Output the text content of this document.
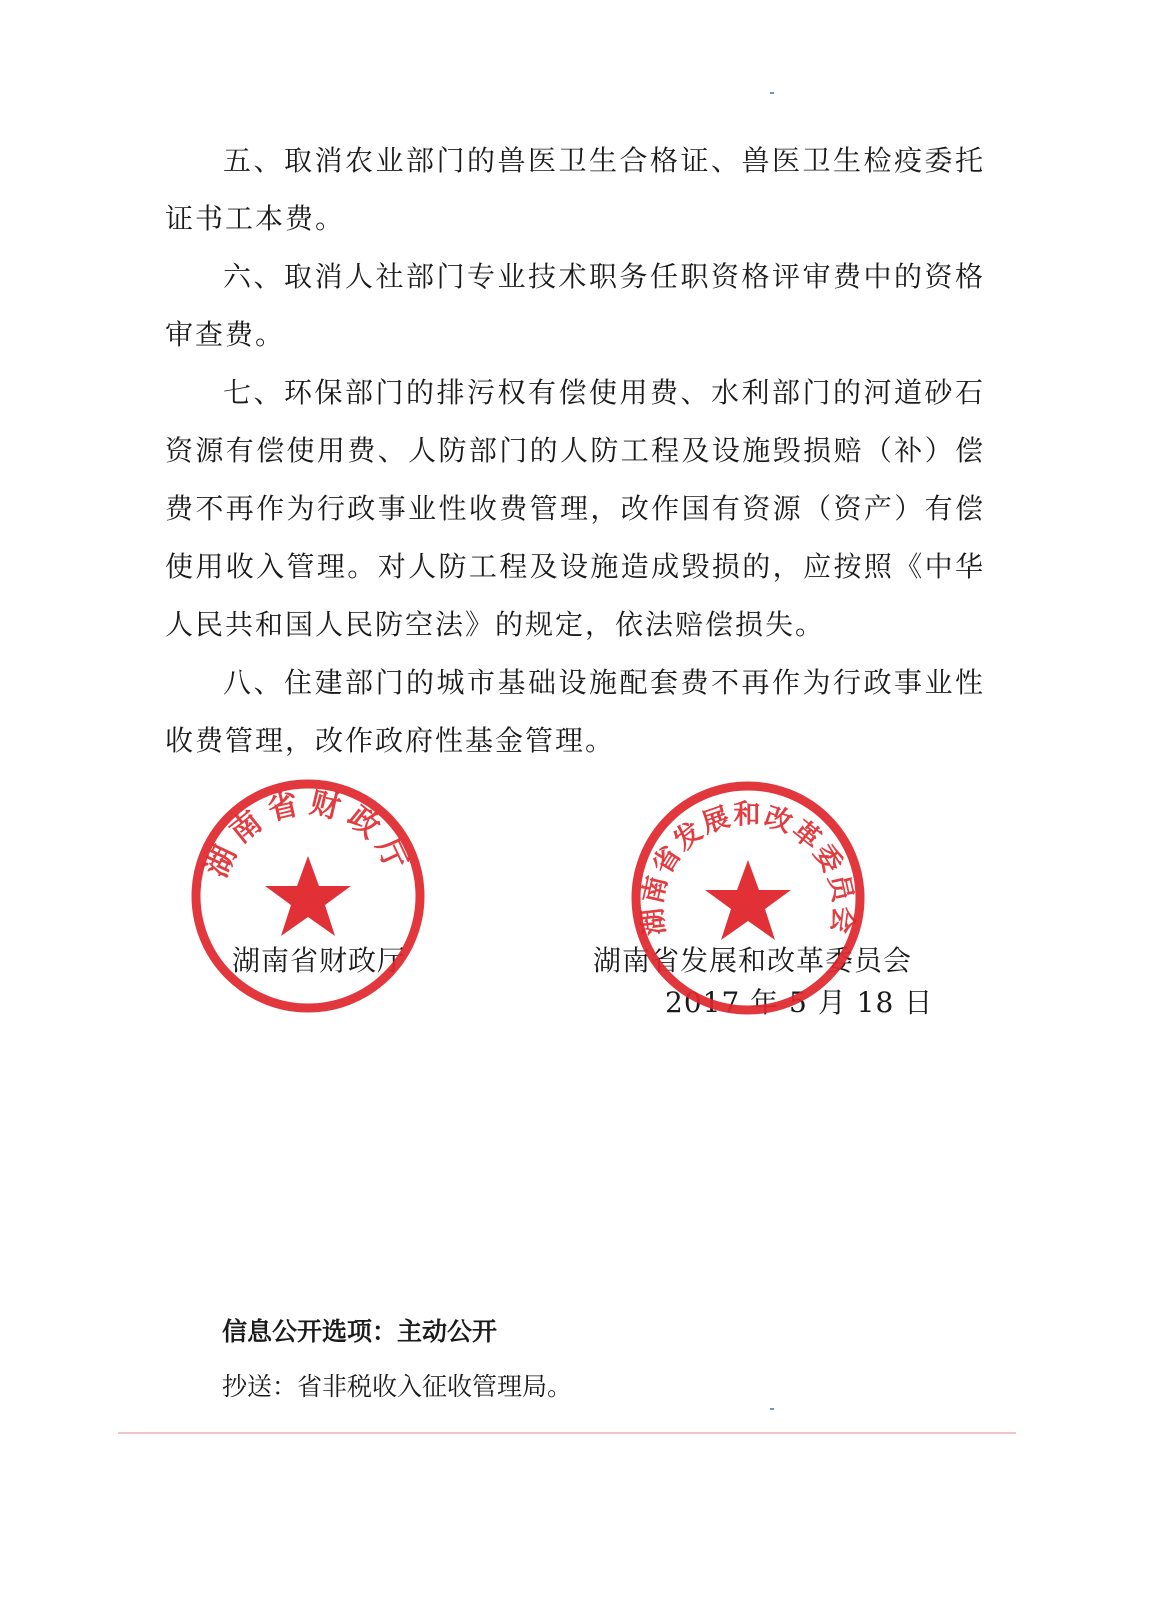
五、取消农业部门的兽医卫生合格证、兽医卫生检疫委托证书工本费。

六、取消人社部门专业技术职务任职资格评审费中的资格审查费。

七、环保部门的排污权有偿使用费、水利部门的河道砂石资源有偿使用费、人防部门的人防工程及设施毁损赔（补）偿费不再作为行政事业性收费管理，改作国有资源（资产）有偿使用收入管理。对人防工程及设施造成毁损的，应按照《中华人民共和国人民防空法》的规定，依法赔偿损失。

八、住建部门的城市基础设施配套费不再作为行政事业性收费管理，改作政府性基金管理。

湖南省财政厅	湖南省发展和改革委员会
2017 年 5 月 18 日
湖南省财政厅
湖南省发展和改革委员会
信息公开选项：主动公开
抄送：省非税收入征收管理局。
